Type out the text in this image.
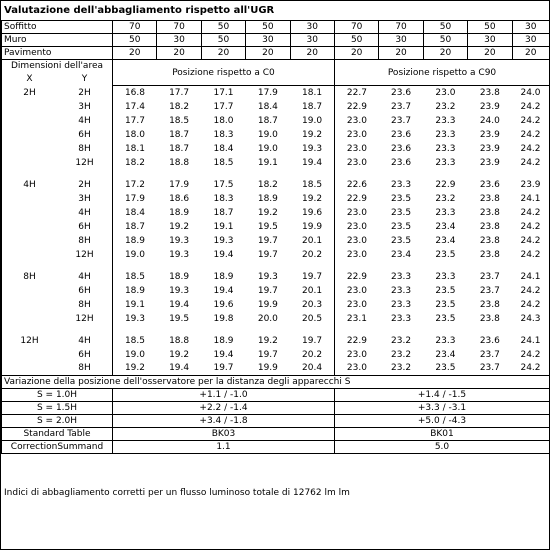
Valutazione dell'abbagliamento rispetto all'UGR
Soffitto		70	70	50	50	30	70	70	50	50	30
Muro		50	30	50	30	30	50	30	50	30	30
Pavimento		20	20	20	20	20	20	20	20	20	20
Dimensioni dell'area		Posizione rispetto a C0					Posizione rispetto a C90				
X	Y										
2H	2H	16.8	17.7	17.1	17.9	18.1	22.7	23.6	23.0	23.8	24.0
	3H	17.4	18.2	17.7	18.4	18.7	22.9	23.7	23.2	23.9	24.2
	4H	17.7	18.5	18.0	18.7	19.0	23.0	23.7	23.3	24.0	24.2
	6H	18.0	18.7	18.3	19.0	19.2	23.0	23.6	23.3	23.9	24.2
	8H	18.1	18.7	18.4	19.0	19.3	23.0	23.6	23.3	23.9	24.2
	12H	18.2	18.8	18.5	19.1	19.4	23.0	23.6	23.3	23.9	24.2

4H	2H	17.2	17.9	17.5	18.2	18.5	22.6	23.3	22.9	23.6	23.9
	3H	17.9	18.6	18.3	18.9	19.2	22.9	23.5	23.2	23.8	24.1
	4H	18.4	18.9	18.7	19.2	19.6	23.0	23.5	23.3	23.8	24.2
	6H	18.7	19.2	19.1	19.5	19.9	23.0	23.5	23.4	23.8	24.2
	8H	18.9	19.3	19.3	19.7	20.1	23.0	23.5	23.4	23.8	24.2
	12H	19.0	19.3	19.4	19.7	20.2	23.0	23.4	23.5	23.8	24.2

8H	4H	18.5	18.9	18.9	19.3	19.7	22.9	23.3	23.3	23.7	24.1
	6H	18.9	19.3	19.4	19.7	20.1	23.0	23.3	23.5	23.7	24.2
	8H	19.1	19.4	19.6	19.9	20.3	23.0	23.3	23.5	23.8	24.2
	12H	19.3	19.5	19.8	20.0	20.5	23.1	23.3	23.5	23.8	24.3

12H	4H	18.5	18.8	18.9	19.2	19.7	22.9	23.2	23.3	23.6	24.1
	6H	19.0	19.2	19.4	19.7	20.2	23.0	23.2	23.4	23.7	24.2
	8H	19.2	19.4	19.7	19.9	20.4	23.0	23.2	23.5	23.7	24.2
Variazione della posizione dell'osservatore per la distanza degli apparecchi S											
S = 1.0H		+1.1 / -1.0					+1.4 / -1.5				
S = 1.5H		+2.2 / -1.4					+3.3 / -3.1				
S = 2.0H		+3.4 / -1.8					+5.0 / -4.3				
Standard Table		BK03					BK01				
CorrectionSummand		1.1					5.0				
Indici di abbagliamento corretti per un flusso luminoso totale di 12762 lm lm
